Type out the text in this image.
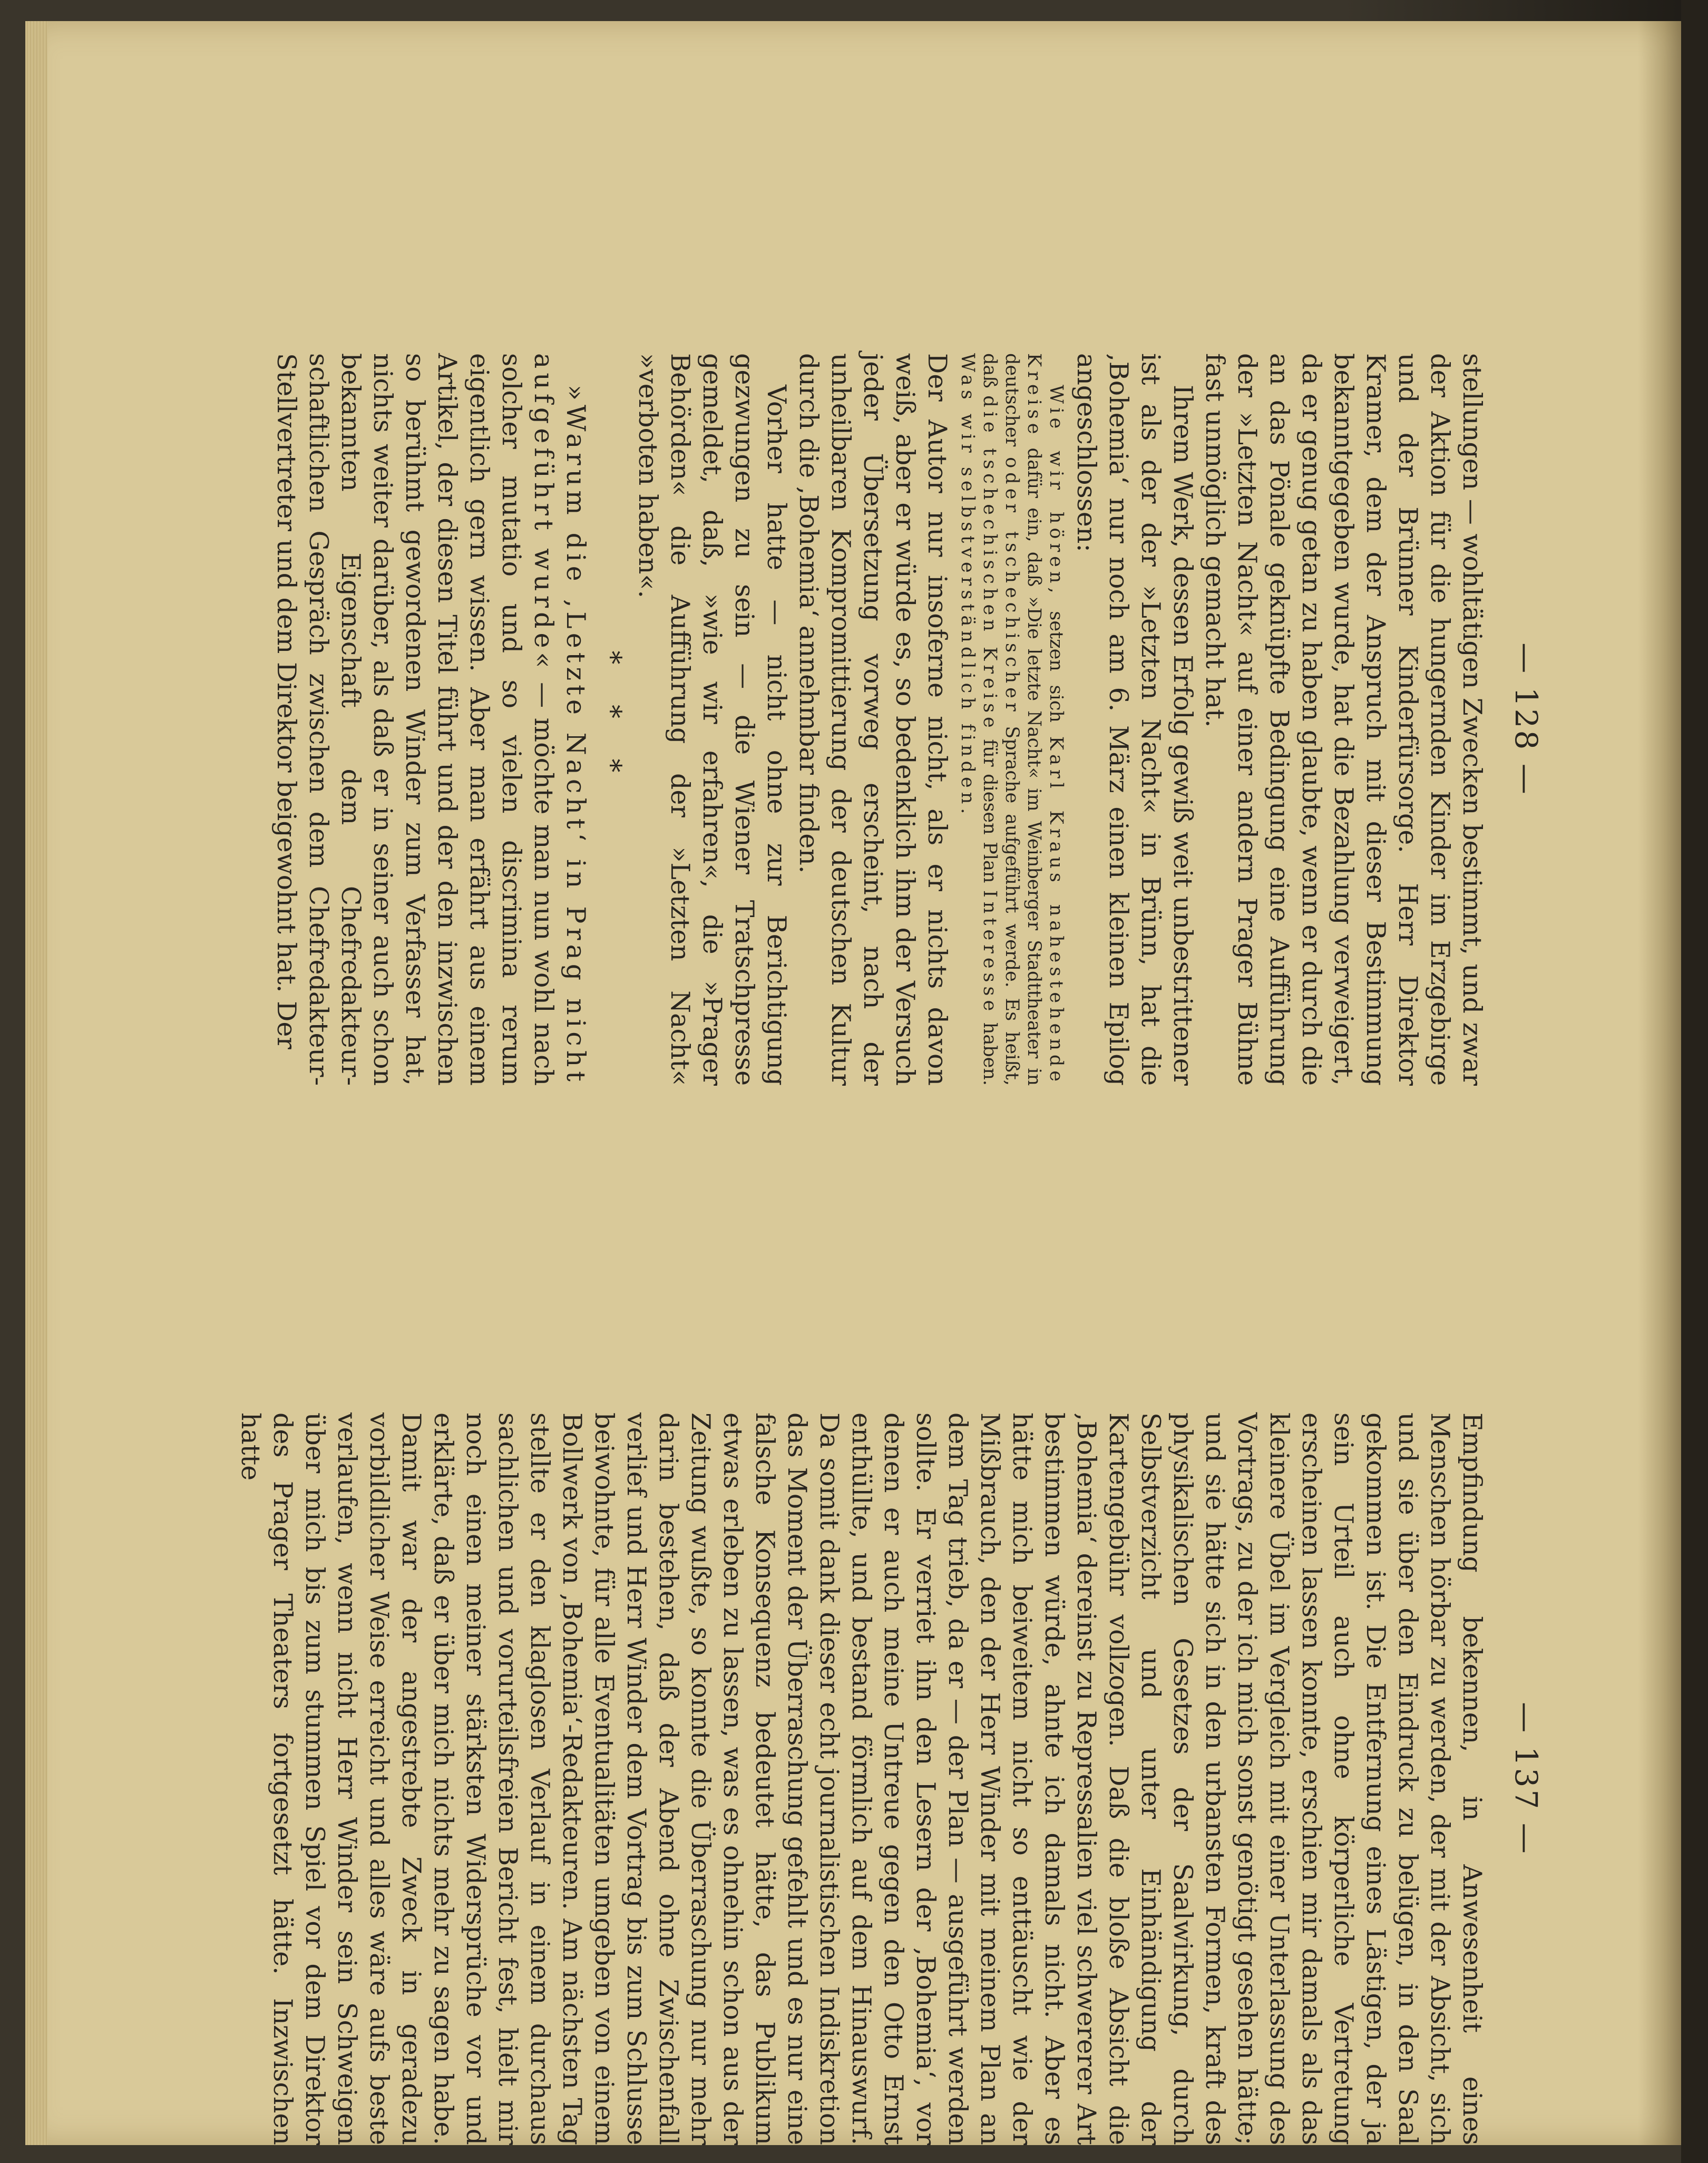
— 128 —

stellungen — wohltätigen Zwecken bestimmt, und zwar der Aktion für die hungernden Kinder im Erzgebirge und der Brünner Kinderfürsorge. Herr Direktor Kramer, dem der Anspruch mit dieser Bestimmung bekanntgegeben wurde, hat die Bezahlung verweigert, da er genug getan zu haben glaubte, wenn er durch die an das Pönale geknüpfte Bedingung eine Aufführung der »Letzten Nacht« auf einer andern Prager Bühne fast unmöglich gemacht hat.

Ihrem Werk, dessen Erfolg gewiß weit unbestrittener ist als der der »Letzten Nacht« in Brünn, hat die ‚Bohemia‘ nur noch am 6. März einen kleinen Epilog angeschlossen:

Wie wir hören, setzen sich Karl Kraus nahestehende Kreise dafür ein, daß »Die letzte Nacht« im Weinberger Stadttheater in deutscher oder tschechischer Sprache aufgeführt werde. Es heißt, daß die tschechischen Kreise für diesen Plan Interesse haben. Was wir selbstverständlich finden.

Der Autor nur insoferne nicht, als er nichts davon weiß, aber er würde es, so bedenklich ihm der Versuch jeder Übersetzung vorweg erscheint, nach der unheilbaren Kompromittierung der deutschen Kultur durch die ‚Bohemia‘ annehmbar finden.

Vorher hatte — nicht ohne zur Berichtigung gezwungen zu sein — die Wiener Tratschpresse gemeldet, daß, »wie wir erfahren«, die »Prager Behörden« die Aufführung der »Letzten Nacht« »verboten haben«.

* * *

»Warum die ‚Letzte Nacht‘ in Prag nicht aufgeführt wurde« — möchte man nun wohl nach solcher mutatio und so vielen discrimina rerum eigentlich gern wissen. Aber man erfährt aus einem Artikel, der diesen Titel führt und der den inzwischen so berühmt gewordenen Winder zum Verfasser hat, nichts weiter darüber, als daß er in seiner auch schon bekannten Eigenschaft dem Chefredakteur-schaftlichen Gespräch zwischen dem Chefredakteur-Stellvertreter und dem Direktor beigewohnt hat. Der

— 137 —

Empfindung bekennen, in Anwesenheit eines Menschen hörbar zu werden, der mit der Absicht, sich und sie über den Eindruck zu belügen, in den Saal gekommen ist. Die Entfernung eines Lästigen, der ja sein Urteil auch ohne körperliche Vertretung erscheinen lassen konnte, erschien mir damals als das kleinere Übel im Vergleich mit einer Unterlassung des Vortrags, zu der ich mich sonst genötigt gesehen hätte; und sie hätte sich in den urbansten Formen, kraft des physikalischen Gesetzes der Saalwirkung, durch Selbstverzicht und unter Einhändigung der Kartengebühr vollzogen. Daß die bloße Absicht die ‚Bohemia‘ dereinst zu Repressalien viel schwererer Art bestimmen würde, ahnte ich damals nicht. Aber es hätte mich beiweitem nicht so enttäuscht wie der Mißbrauch, den der Herr Winder mit meinem Plan an dem Tag trieb, da er — der Plan — ausgeführt werden sollte. Er verriet ihn den Lesern der ‚Bohemia‘, vor denen er auch meine Untreue gegen den Otto Ernst enthüllte, und bestand förmlich auf dem Hinauswurf. Da somit dank dieser echt journalistischen Indiskretion das Moment der Überraschung gefehlt und es nur eine falsche Konsequenz bedeutet hätte, das Publikum etwas erleben zu lassen, was es ohnehin schon aus der Zeitung wußte, so konnte die Überraschung nur mehr darin bestehen, daß der Abend ohne Zwischenfall verlief und Herr Winder dem Vortrag bis zum Schlusse beiwohnte, für alle Eventualitäten umgeben von einem Bollwerk von ‚Bohemia‘-Redakteuren. Am nächsten Tag stellte er den klaglosen Verlauf in einem durchaus sachlichen und vorurteilsfreien Bericht fest, hielt mir noch einen meiner stärksten Widersprüche vor und erklärte, daß er über mich nichts mehr zu sagen habe. Damit war der angestrebte Zweck in geradezu vorbildlicher Weise erreicht und alles wäre aufs beste verlaufen, wenn nicht Herr Winder sein Schweigen über mich bis zum stummen Spiel vor dem Direktor des Prager Theaters fortgesetzt hätte. Inzwischen hatte
